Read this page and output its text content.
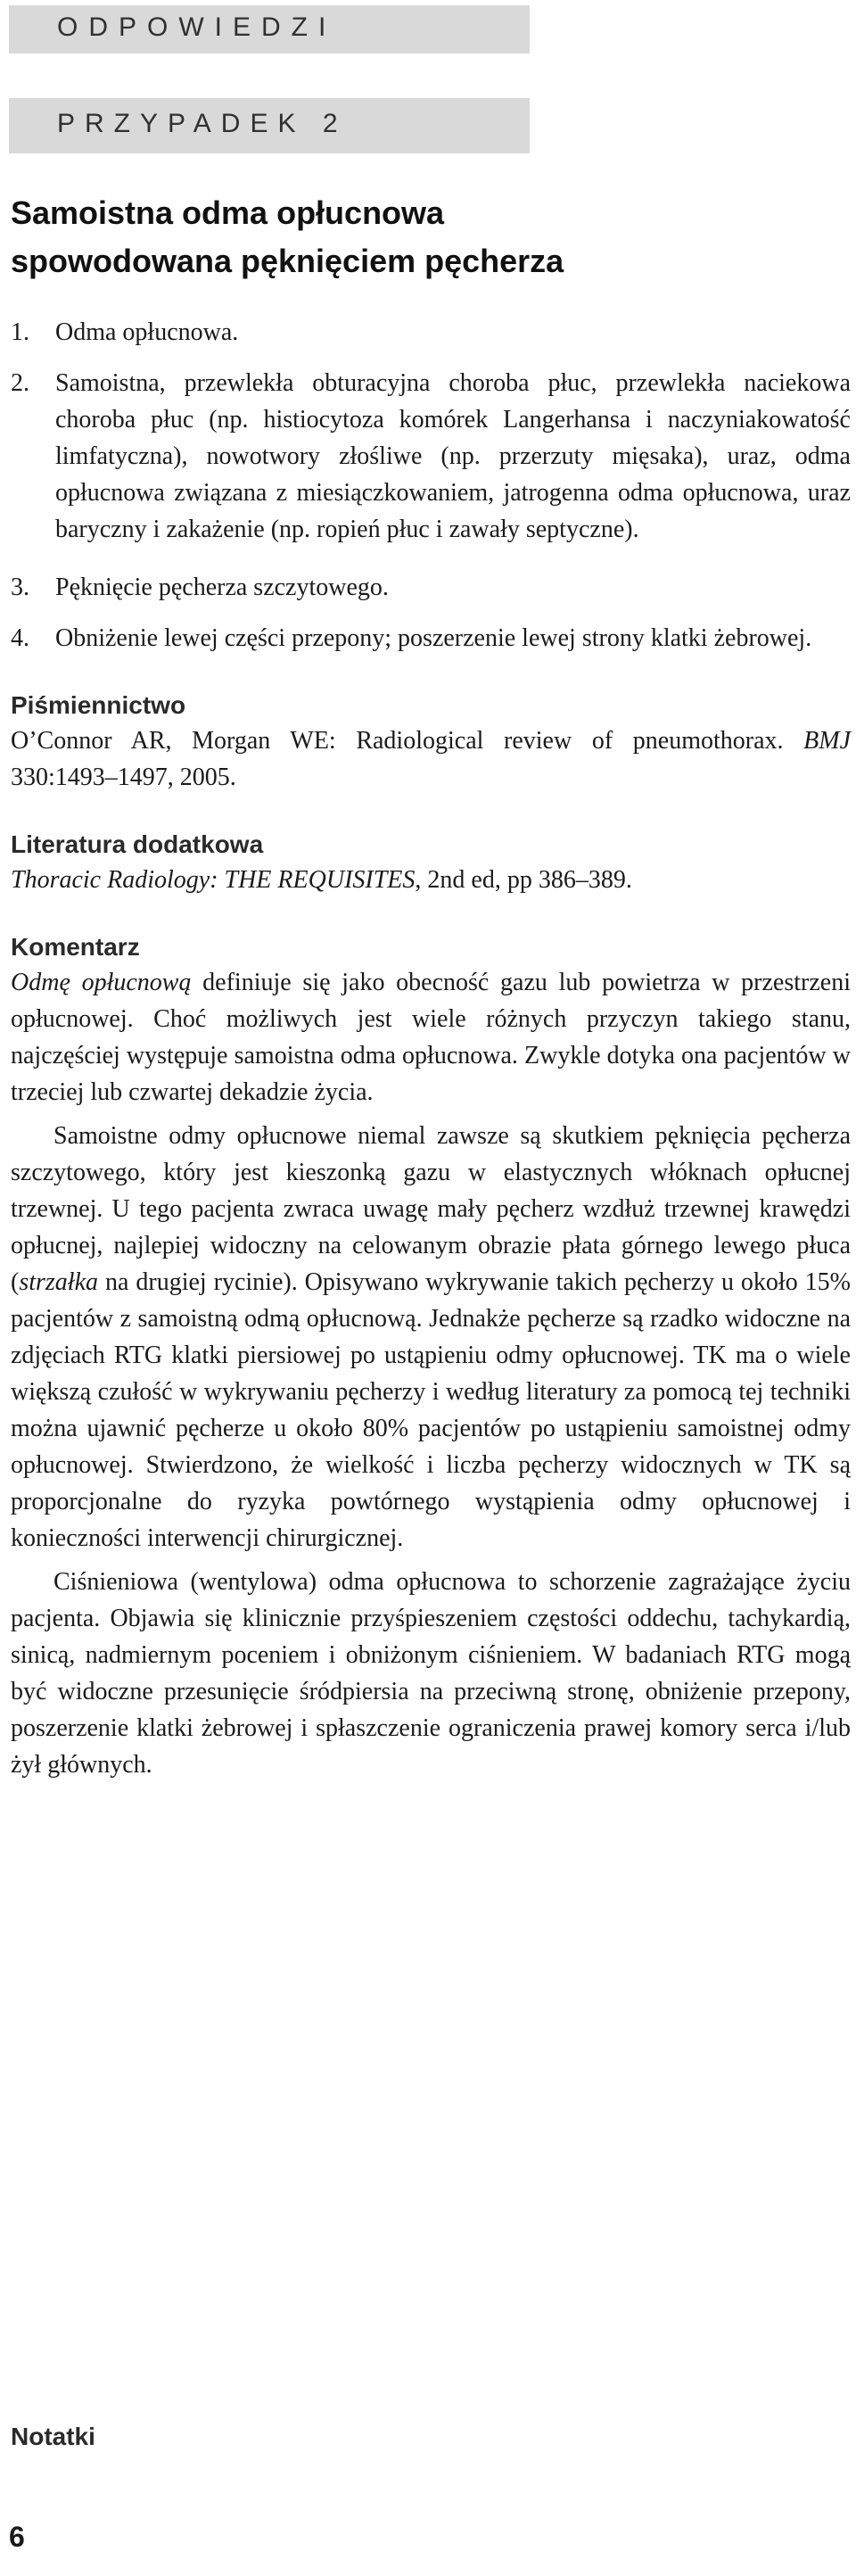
ODPOWIEDZI
PRZYPADEK 2
Samoistna odma opłucnowa
spowodowana pęknięciem pęcherza
1.	Odma opłucnowa.
2.	Samoistna, przewlekła obturacyjna choroba płuc, przewlekła naciekowa choroba płuc (np. histiocytoza komórek Langerhansa i naczyniakowatość limfatyczna), nowotwory złośliwe (np. przerzuty mięsaka), uraz, odma opłucnowa związana z miesiączkowaniem, jatrogenna odma opłucnowa, uraz baryczny i zakażenie (np. ropień płuc i zawały septyczne).
3.	Pęknięcie pęcherza szczytowego.
4.	Obniżenie lewej części przepony; poszerzenie lewej strony klatki żebrowej.
Piśmiennictwo
O’Connor AR, Morgan WE: Radiological review of pneumothorax. BMJ 330:1493–1497, 2005.
Literatura dodatkowa
Thoracic Radiology: THE REQUISITES, 2nd ed, pp 386–389.
Komentarz

Odmę opłucnową definiuje się jako obecność gazu lub powietrza w przestrzeni opłucnowej. Choć możliwych jest wiele różnych przyczyn takiego stanu, najczęściej występuje samoistna odma opłucnowa. Zwykle dotyka ona pacjentów w trzeciej lub czwartej dekadzie życia.

Samoistne odmy opłucnowe niemal zawsze są skutkiem pęknięcia pęcherza szczytowego, który jest kieszonką gazu w elastycznych włóknach opłucnej trzewnej. U tego pacjenta zwraca uwagę mały pęcherz wzdłuż trzewnej krawędzi opłucnej, najlepiej widoczny na celowanym obrazie płata górnego lewego płuca (strzałka na drugiej rycinie). Opisywano wykrywanie takich pęcherzy u około 15% pacjentów z samoistną odmą opłucnową. Jednakże pęcherze są rzadko widoczne na zdjęciach RTG klatki piersiowej po ustąpieniu odmy opłucnowej. TK ma o wiele większą czułość w wykrywaniu pęcherzy i według literatury za pomocą tej techniki można ujawnić pęcherze u około 80% pacjentów po ustąpieniu samoistnej odmy opłucnowej. Stwierdzono, że wielkość i liczba pęcherzy widocznych w TK są proporcjonalne do ryzyka powtórnego wystąpienia odmy opłucnowej i konieczności interwencji chirurgicznej.

Ciśnieniowa (wentylowa) odma opłucnowa to schorzenie zagrażające życiu pacjenta. Objawia się klinicznie przyśpieszeniem częstości oddechu, tachykardią, sinicą, nadmiernym poceniem i obniżonym ciśnieniem. W badaniach RTG mogą być widoczne przesunięcie śródpiersia na przeciwną stronę, obniżenie przepony, poszerzenie klatki żebrowej i spłaszczenie ograniczenia prawej komory serca i/lub żył głównych.

Notatki
6
